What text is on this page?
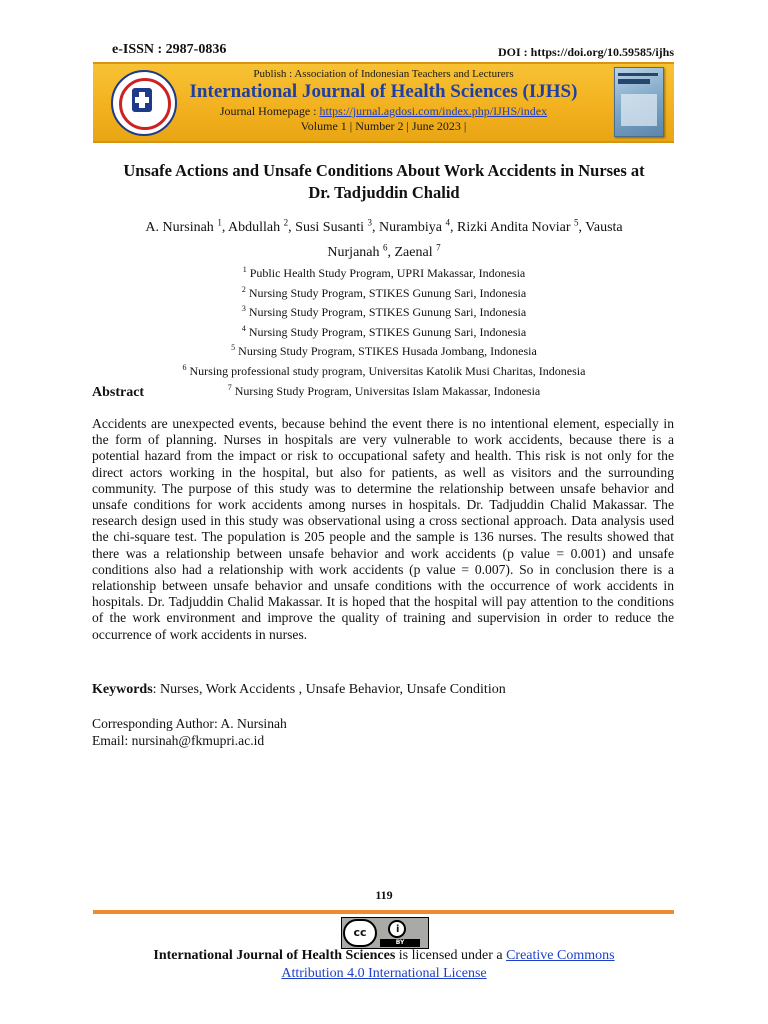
e-ISSN : 2987-0836	DOI : https://doi.org/10.59585/ijhs
Publish : Association of Indonesian Teachers and Lecturers
International Journal of Health Sciences (IJHS)
Journal Homepage : https://jurnal.agdosi.com/index.php/IJHS/index
Volume 1 | Number 2 | June 2023 |
Unsafe Actions and Unsafe Conditions About Work Accidents in Nurses at
Dr. Tadjuddin Chalid
A. Nursinah $^1$, Abdullah $^2$, Susi Susanti $^3$, Nurambiya $^4$, Rizki Andita Noviar $^5$, Vausta
Nurjanah $^6$, Zaenal $^7$
$^1$ Public Health Study Program, UPRI Makassar, Indonesia
$^2$ Nursing Study Program, STIKES Gunung Sari, Indonesia
$^3$ Nursing Study Program, STIKES Gunung Sari, Indonesia
$^4$ Nursing Study Program, STIKES Gunung Sari, Indonesia
$^5$ Nursing Study Program, STIKES Husada Jombang, Indonesia
$^6$ Nursing professional study program, Universitas Katolik Musi Charitas, Indonesia
$^7$ Nursing Study Program, Universitas Islam Makassar, Indonesia
Abstract
Accidents are unexpected events, because behind the event there is no intentional element, especially in the form of planning. Nurses in hospitals are very vulnerable to work accidents, because there is a potential hazard from the impact or risk to occupational safety and health. This risk is not only for the direct actors working in the hospital, but also for patients, as well as visitors and the surrounding community. The purpose of this study was to determine the relationship between unsafe behavior and unsafe conditions for work accidents among nurses in hospitals. Dr. Tadjuddin Chalid Makassar. The research design used in this study was observational using a cross sectional approach. Data analysis used the chi-square test. The population is 205 people and the sample is 136 nurses. The results showed that there was a relationship between unsafe behavior and work accidents (p value = 0.001) and unsafe conditions also had a relationship with work accidents (p value = 0.007). So in conclusion there is a relationship between unsafe behavior and unsafe conditions with the occurrence of work accidents in hospitals. Dr. Tadjuddin Chalid Makassar. It is hoped that the hospital will pay attention to the conditions of the work environment and improve the quality of training and supervision in order to reduce the occurrence of work accidents in nurses.
Keywords: Nurses, Work Accidents , Unsafe Behavior, Unsafe Condition
Corresponding Author: A. Nursinah
Email: nursinah@fkmupri.ac.id
119
cc	i
BY
International Journal of Health Sciences is licensed under a Creative Commons
Attribution 4.0 International License
